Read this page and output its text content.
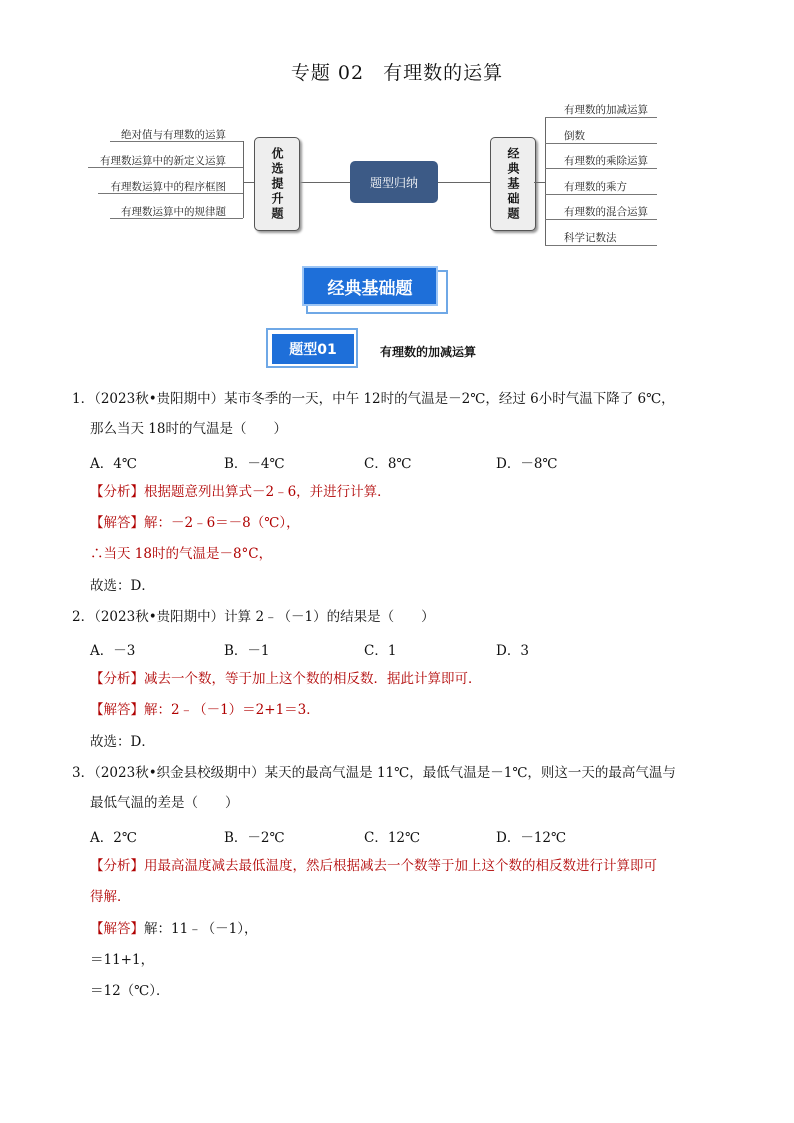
专题 02 有理数的运算
题型归纳
优选提升题	经典基础题
绝对值与有理数的运算
有理数运算中的新定义运算
有理数运算中的程序框图
有理数运算中的规律题
有理数的加减运算
倒数
有理数的乘除运算
有理数的乘方
有理数的混合运算
科学记数法
经典基础题
题型01	有理数的加减运算
1．（2023秋•贵阳期中）某市冬季的一天，中午 12时的气温是－2℃，经过 6小时气温下降了 6℃，
那么当天 18时的气温是（　　）
A．4℃	B．－4℃	C．8℃	D．－8℃
【分析】根据题意列出算式－2﹣6，并进行计算．
【解答】解：－2﹣6＝－8（℃），
∴当天 18时的气温是－8°C，
故选：D．
2．（2023秋•贵阳期中）计算 2﹣（－1）的结果是（　　）
A．－3	B．－1	C．1	D．3
【分析】减去一个数，等于加上这个数的相反数．据此计算即可．
【解答】解：2﹣（－1）＝2+1＝3．
故选：D．
3．（2023秋•织金县校级期中）某天的最高气温是 11℃，最低气温是－1℃，则这一天的最高气温与
最低气温的差是（　　）
A．2℃	B．－2℃	C．12℃	D．－12℃
【分析】用最高温度减去最低温度，然后根据减去一个数等于加上这个数的相反数进行计算即可
得解．
【解答】解：11﹣（－1），
＝11+1，
＝12（℃）．
